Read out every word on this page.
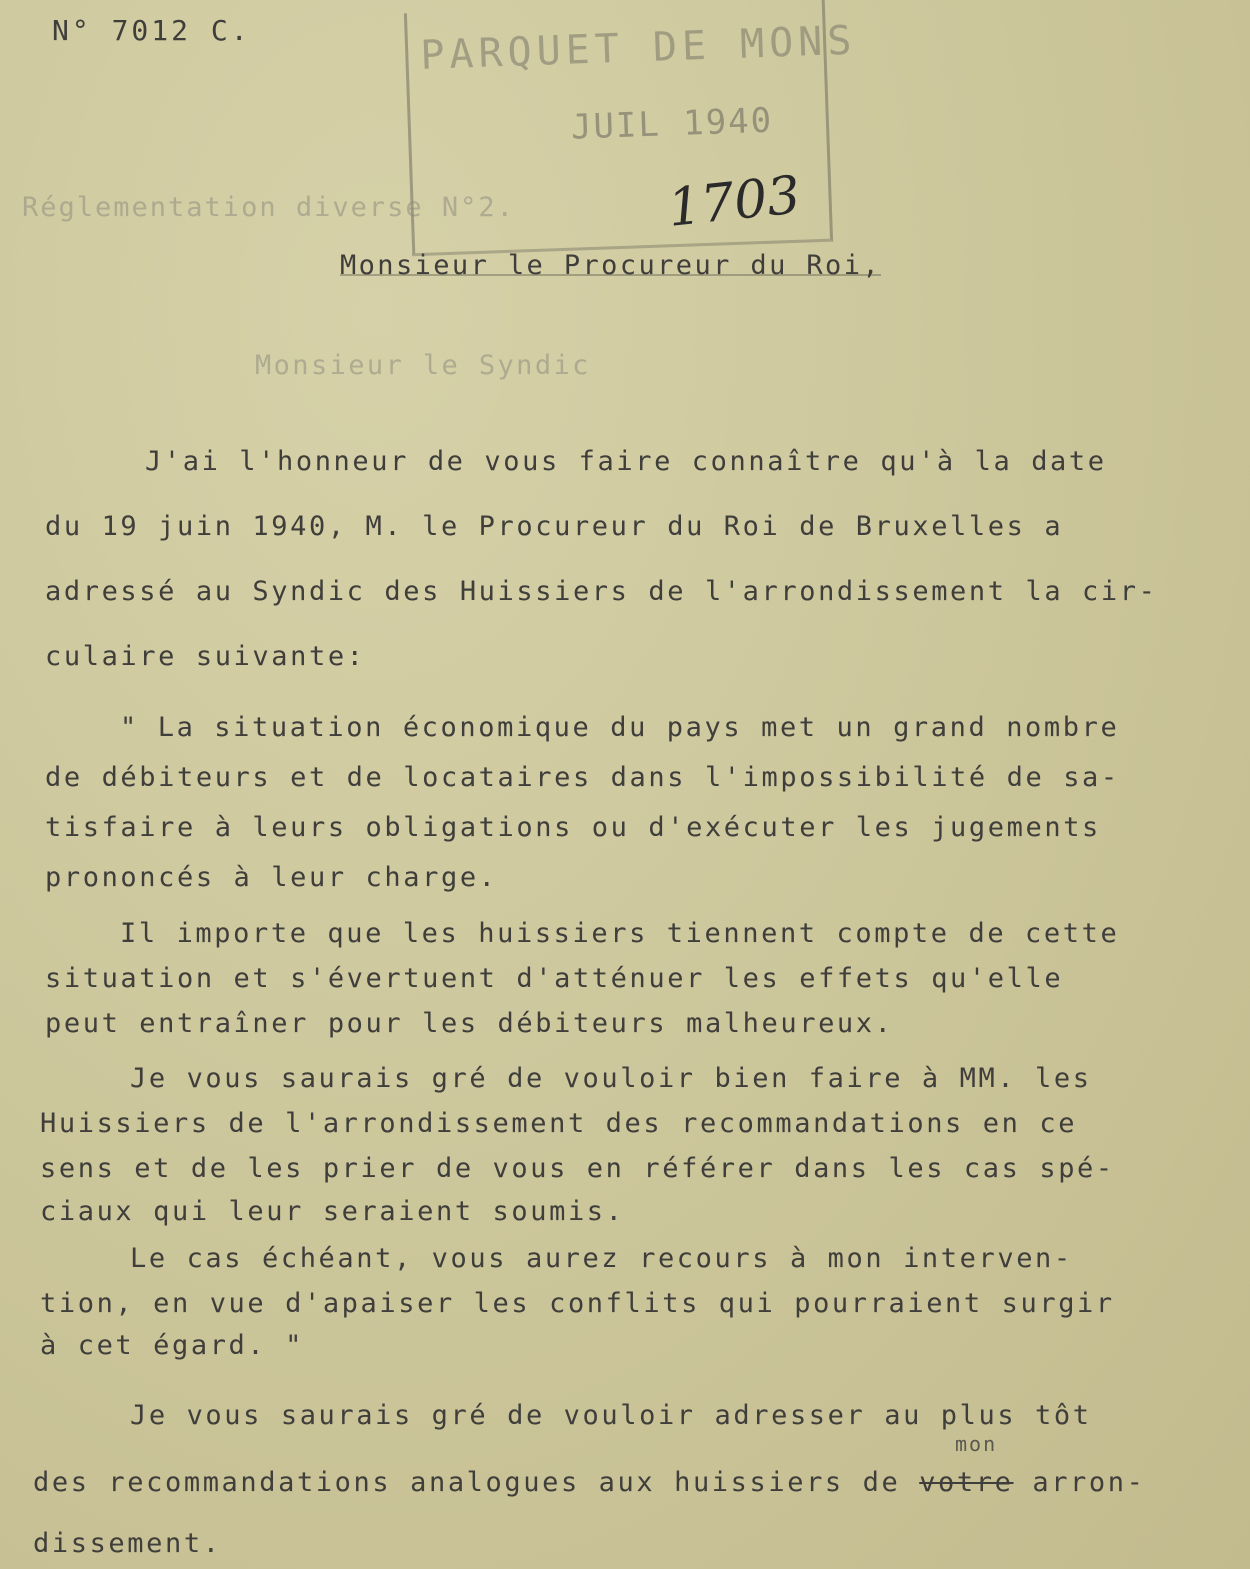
PARQUET DE MONS
JUIL 1940
N° 7012 C.
Réglementation diverse N°2.	1703
Monsieur le Procureur du Roi,
Monsieur le Syndic
J'ai l'honneur de vous faire connaître qu'à la date
du 19 juin 1940, M. le Procureur du Roi de Bruxelles a
adressé au Syndic des Huissiers de l'arrondissement la cir-
culaire suivante:
" La situation économique du pays met un grand nombre
de débiteurs et de locataires dans l'impossibilité de sa-
tisfaire à leurs obligations ou d'exécuter les jugements
prononcés à leur charge.
Il importe que les huissiers tiennent compte de cette
situation et s'évertuent d'atténuer les effets qu'elle
peut entraîner pour les débiteurs malheureux.
Je vous saurais gré de vouloir bien faire à MM. les
Huissiers de l'arrondissement des recommandations en ce
sens et de les prier de vous en référer dans les cas spé-
ciaux qui leur seraient soumis.
Le cas échéant, vous aurez recours à mon interven-
tion, en vue d'apaiser les conflits qui pourraient surgir
à cet égard. "
Je vous saurais gré de vouloir adresser au plus tôt
mon
des recommandations analogues aux huissiers de votre arron-
dissement.
